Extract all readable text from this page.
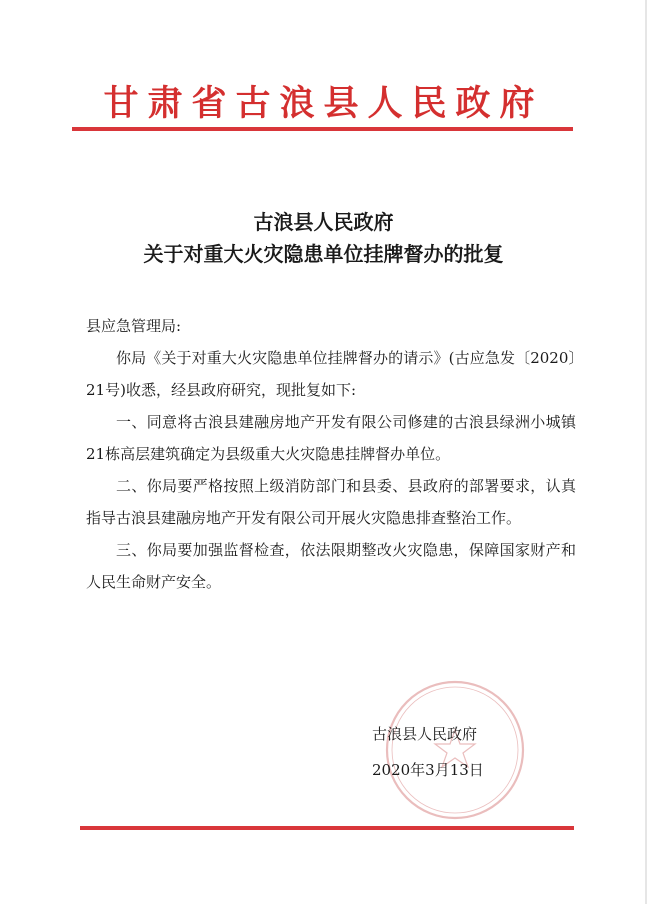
甘肃省古浪县人民政府
古浪县人民政府
关于对重大火灾隐患单位挂牌督办的批复

县应急管理局:

你局《关于对重大火灾隐患单位挂牌督办的请示》(古应急发〔2020〕21号)收悉，经县政府研究，现批复如下:

一、同意将古浪县建融房地产开发有限公司修建的古浪县绿洲小城镇21栋高层建筑确定为县级重大火灾隐患挂牌督办单位。

二、你局要严格按照上级消防部门和县委、县政府的部署要求，认真指导古浪县建融房地产开发有限公司开展火灾隐患排查整治工作。

三、你局要加强监督检查，依法限期整改火灾隐患，保障国家财产和人民生命财产安全。

古浪县人民政府
2020年3月13日
